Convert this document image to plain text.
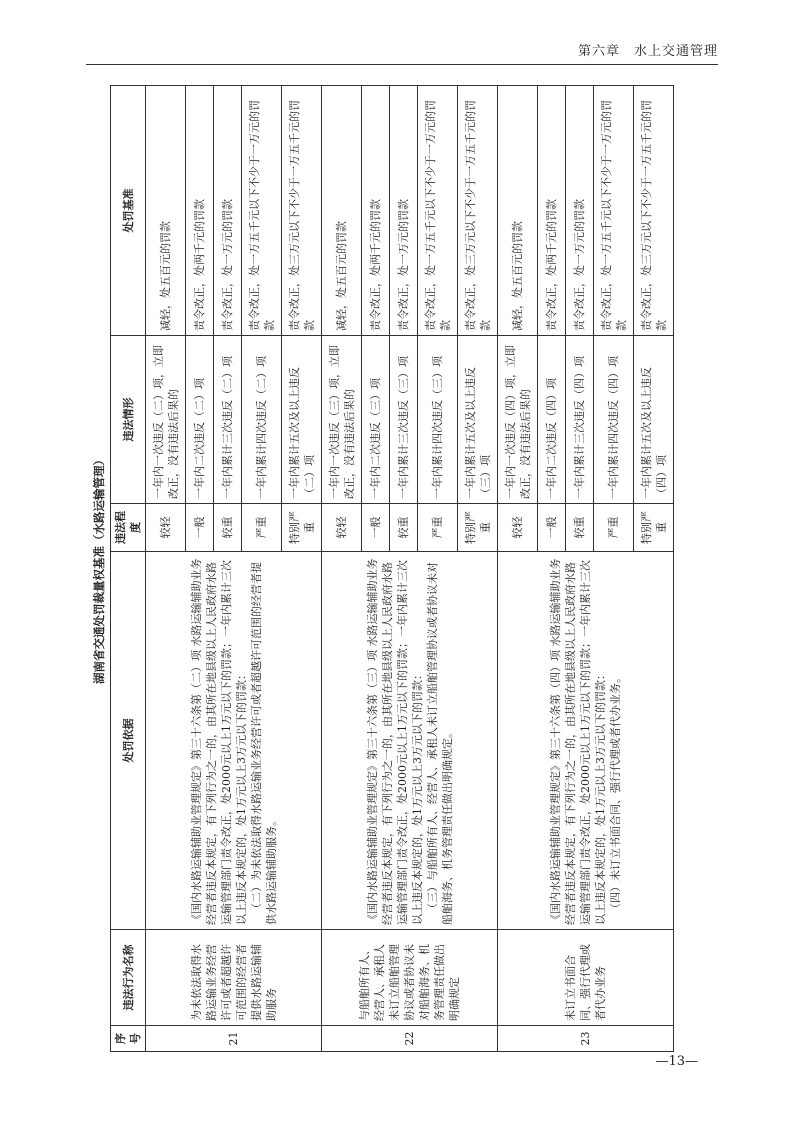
第六章　水上交通管理
湖南省交通处罚裁量权基准（水路运输管理）
序号	违法行为名称	处罚依据	违法程度	违法情形	处罚基准
21	为未依法取得水路运输业务经营许可或者超越许可范围的经营者提供水路运输辅助服务	《国内水路运输辅助业管理规定》第三十六条第（二）项 水路运输辅助业务经营者违反本规定，有下列行为之一的，由其所在地县级以上人民政府水路运输管理部门责令改正，处2000元以上1万元以下的罚款；一年内累计三次以上违反本规定的，处1万元以上3万元以下的罚款： （二）为未依法取得水路运输业务经营许可或者超越许可范围的经营者提供水路运输辅助服务。	较轻	一年内一次违反（二）项，立即改正，没有违法后果的	减轻，处五百元的罚款
			一般	一年内二次违反（二）项	责令改正，处两千元的罚款
			较重	一年内累计三次违反（二）项	责令改正，处一万元的罚款
			严重	一年内累计四次违反（二）项	责令改正，处一万五千元以下不少于一万元的罚款
			特别严重	一年内累计五次及以上违反（二）项	责令改正，处三万元以下不少于一万五千元的罚款
22	与船舶所有人、经营人、承租人未订立船舶管理协议或者协议未对船舶海务、机务管理责任做出明确规定	《国内水路运输辅助业管理规定》第三十六条第（三）项 水路运输辅助业务经营者违反本规定，有下列行为之一的，由其所在地县级以上人民政府水路运输管理部门责令改正，处2000元以上1万元以下的罚款；一年内累计三次以上违反本规定的，处1万元以上3万元以下的罚款： （三）与船舶所有人、经营人、承租人未订立船舶管理协议或者协议未对船舶海务、机务管理责任做出明确规定。	较轻	一年内一次违反（三）项，立即改正，没有违法后果的	减轻，处五百元的罚款
			一般	一年内二次违反（三）项	责令改正，处两千元的罚款
			较重	一年内累计三次违反（三）项	责令改正，处一万元的罚款
			严重	一年内累计四次违反（三）项	责令改正，处一万五千元以下不少于一万元的罚款
			特别严重	一年内累计五次及以上违反（三）项	责令改正，处三万元以下不少于一万五千元的罚款
23	未订立书面合同、强行代理或者代办业务	《国内水路运输辅助业管理规定》第三十六条第（四）项 水路运输辅助业务经营者违反本规定，有下列行为之一的，由其所在地县级以上人民政府水路运输管理部门责令改正，处2000元以上1万元以下的罚款；一年内累计三次以上违反本规定的，处1万元以上3万元以下的罚款： （四）未订立书面合同、强行代理或者代办业务。	较轻	一年内一次违反（四）项，立即改正，没有违法后果的	减轻，处五百元的罚款
			一般	一年内二次违反（四）项	责令改正，处两千元的罚款
			较重	一年内累计三次违反（四）项	责令改正，处一万元的罚款
			严重	一年内累计四次违反（四）项	责令改正，处一万五千元以下不少于一万元的罚款
			特别严重	一年内累计五次及以上违反（四）项	责令改正，处三万元以下不少于一万五千元的罚款
—13—
